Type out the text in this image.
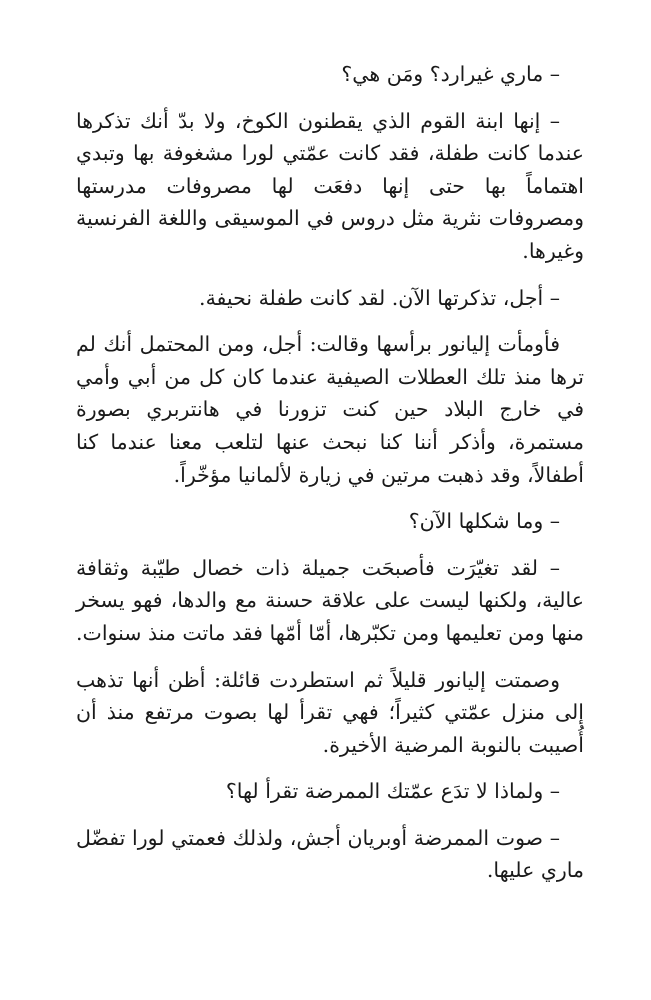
– ماري غيرارد؟ ومَن هي؟

– إنها ابنة القوم الذي يقطنون الكوخ، ولا بدّ أنك تذكرها عندما كانت طفلة، فقد كانت عمّتي لورا مشغوفة بها وتبدي اهتماماً بها حتى إنها دفعَت لها مصروفات مدرستها ومصروفات نثرية مثل دروس في الموسيقى واللغة الفرنسية وغيرها.

– أجل، تذكرتها الآن. لقد كانت طفلة نحيفة.

فأومأت إليانور برأسها وقالت: أجل، ومن المحتمل أنك لم ترها منذ تلك العطلات الصيفية عندما كان كل من أبي وأمي في خارج البلاد حين كنت تزورنا في هانتربري بصورة مستمرة، وأذكر أننا كنا نبحث عنها لتلعب معنا عندما كنا أطفالاً، وقد ذهبت مرتين في زيارة لألمانيا مؤخّراً.

– وما شكلها الآن؟

– لقد تغيّرَت فأصبحَت جميلة ذات خصال طيّبة وثقافة عالية، ولكنها ليست على علاقة حسنة مع والدها، فهو يسخر منها ومن تعليمها ومن تكبّرها، أمّا أمّها فقد ماتت منذ سنوات.

وصمتت إليانور قليلاً ثم استطردت قائلة: أظن أنها تذهب إلى منزل عمّتي كثيراً؛ فهي تقرأ لها بصوت مرتفع منذ أن أُصيبت بالنوبة المرضية الأخيرة.

– ولماذا لا تدَع عمّتك الممرضة تقرأ لها؟

– صوت الممرضة أوبريان أجش، ولذلك فعمتي لورا تفضّل ماري عليها.
